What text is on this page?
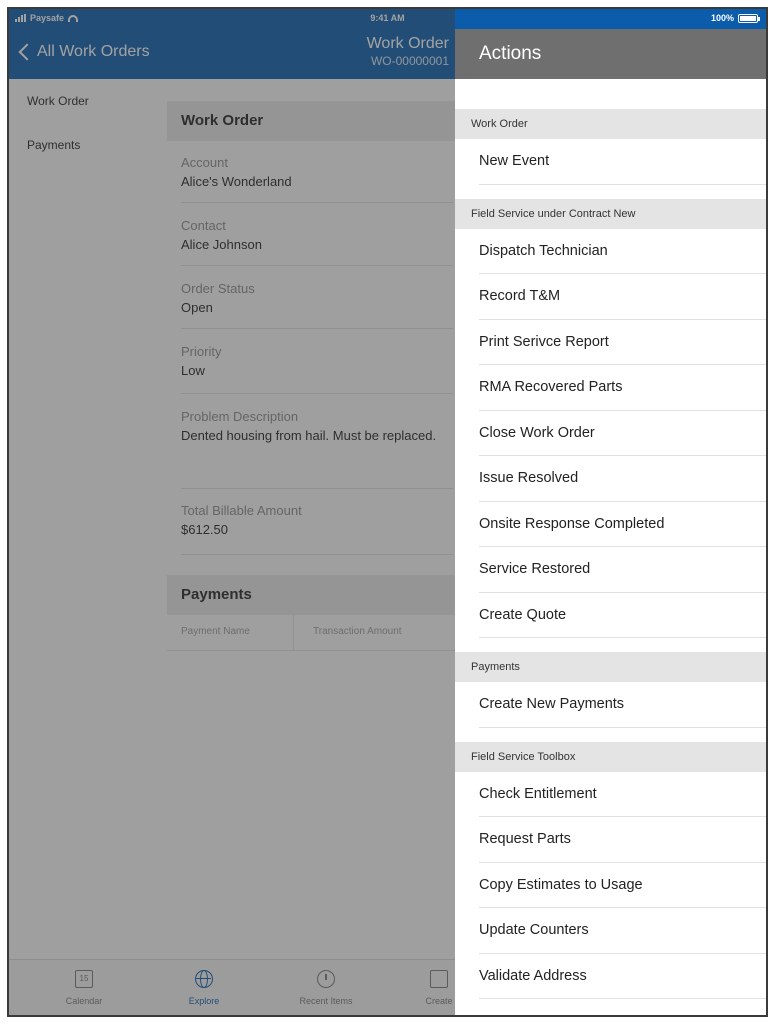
Paysafe	9:41 AM	100%
All Work Orders	Work Order
WO-00000001
Work Order
Payments
Work Order
Account
Alice's Wonderland
Contact
Alice Johnson
Order Status
Open
Priority
Low
Problem Description
Dented housing from hail. Must be replaced.
Total Billable Amount
$612.50
Payments
Payment Name	Transaction Amount
15
Calendar	Explore	Recent Items	Create
Actions
Work Order
New Event
Field Service under Contract New
Dispatch Technician
Record T&M
Print Serivce Report
RMA Recovered Parts
Close Work Order
Issue Resolved
Onsite Response Completed
Service Restored
Create Quote
Payments
Create New Payments
Field Service Toolbox
Check Entitlement
Request Parts
Copy Estimates to Usage
Update Counters
Validate Address
